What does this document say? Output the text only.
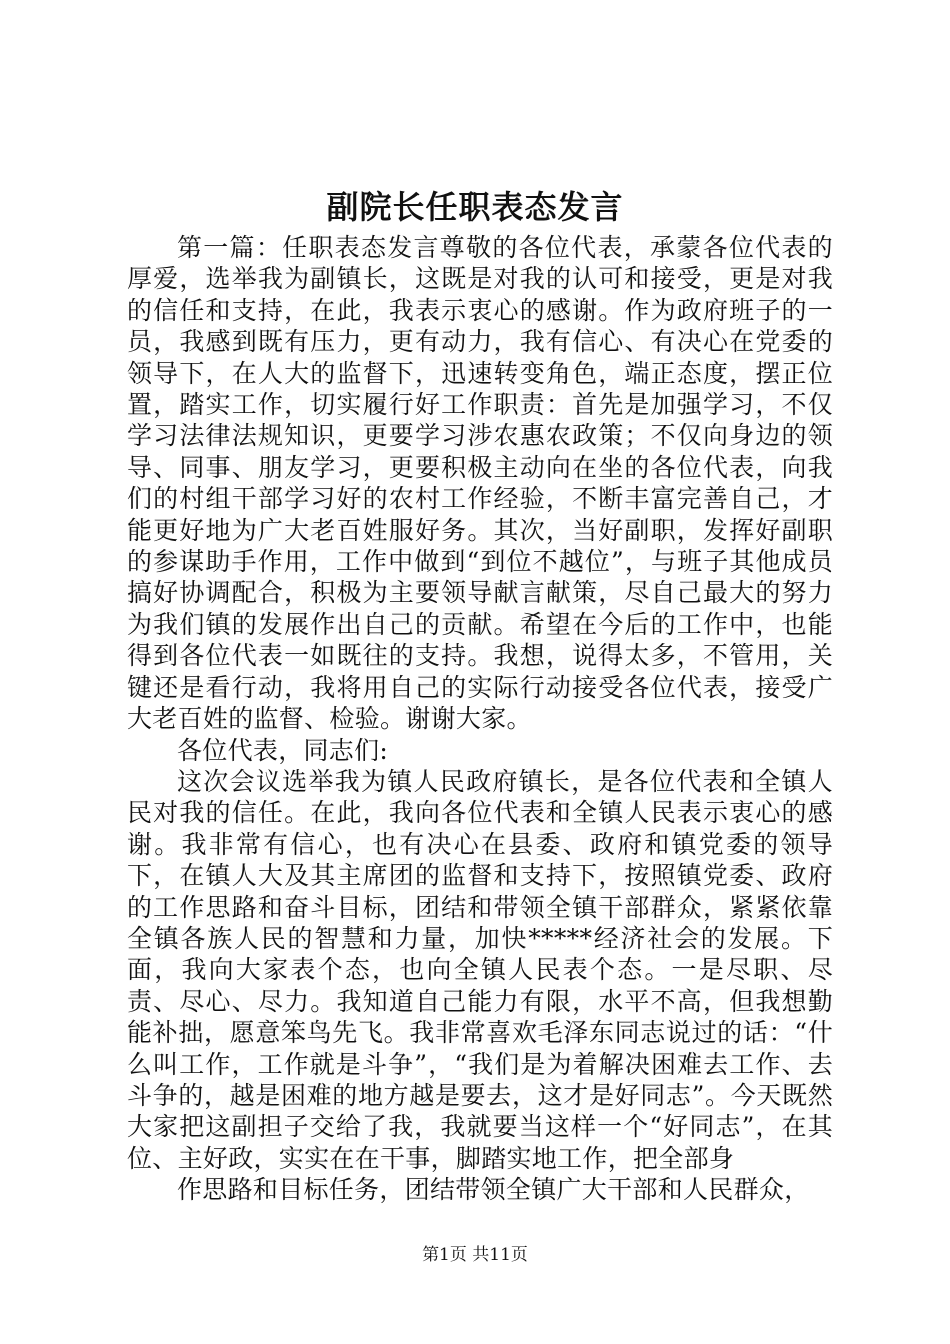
副院长任职表态发言

第一篇：任职表态发言尊敬的各位代表，承蒙各位代表的厚爱，选举我为副镇长，这既是对我的认可和接受，更是对我的信任和支持，在此，我表示衷心的感谢。作为政府班子的一员，我感到既有压力，更有动力，我有信心、有决心在党委的领导下，在人大的监督下，迅速转变角色，端正态度，摆正位置，踏实工作，切实履行好工作职责：首先是加强学习，不仅学习法律法规知识，更要学习涉农惠农政策；不仅向身边的领导、同事、朋友学习，更要积极主动向在坐的各位代表，向我们的村组干部学习好的农村工作经验，不断丰富完善自己，才能更好地为广大老百姓服好务。其次，当好副职，发挥好副职的参谋助手作用，工作中做到“到位不越位”，与班子其他成员搞好协调配合，积极为主要领导献言献策，尽自己最大的努力为我们镇的发展作出自己的贡献。希望在今后的工作中，也能得到各位代表一如既往的支持。我想，说得太多，不管用，关键还是看行动，我将用自己的实际行动接受各位代表，接受广大老百姓的监督、检验。谢谢大家。

各位代表，同志们:

这次会议选举我为镇人民政府镇长，是各位代表和全镇人民对我的信任。在此，我向各位代表和全镇人民表示衷心的感谢。我非常有信心，也有决心在县委、政府和镇党委的领导下，在镇人大及其主席团的监督和支持下，按照镇党委、政府的工作思路和奋斗目标，团结和带领全镇干部群众，紧紧依靠全镇各族人民的智慧和力量，加快*****经济社会的发展。下面，我向大家表个态，也向全镇人民表个态。一是尽职、尽责、尽心、尽力。我知道自己能力有限，水平不高，但我想勤能补拙，愿意笨鸟先飞。我非常喜欢毛泽东同志说过的话：“什么叫工作，工作就是斗争”，“我们是为着解决困难去工作、去斗争的，越是困难的地方越是要去，这才是好同志”。今天既然大家把这副担子交给了我，我就要当这样一个“好同志”，在其位、主好政，实实在在干事，脚踏实地工作，把全部身

作思路和目标任务，团结带领全镇广大干部和人民群众，

第1页 共11页
